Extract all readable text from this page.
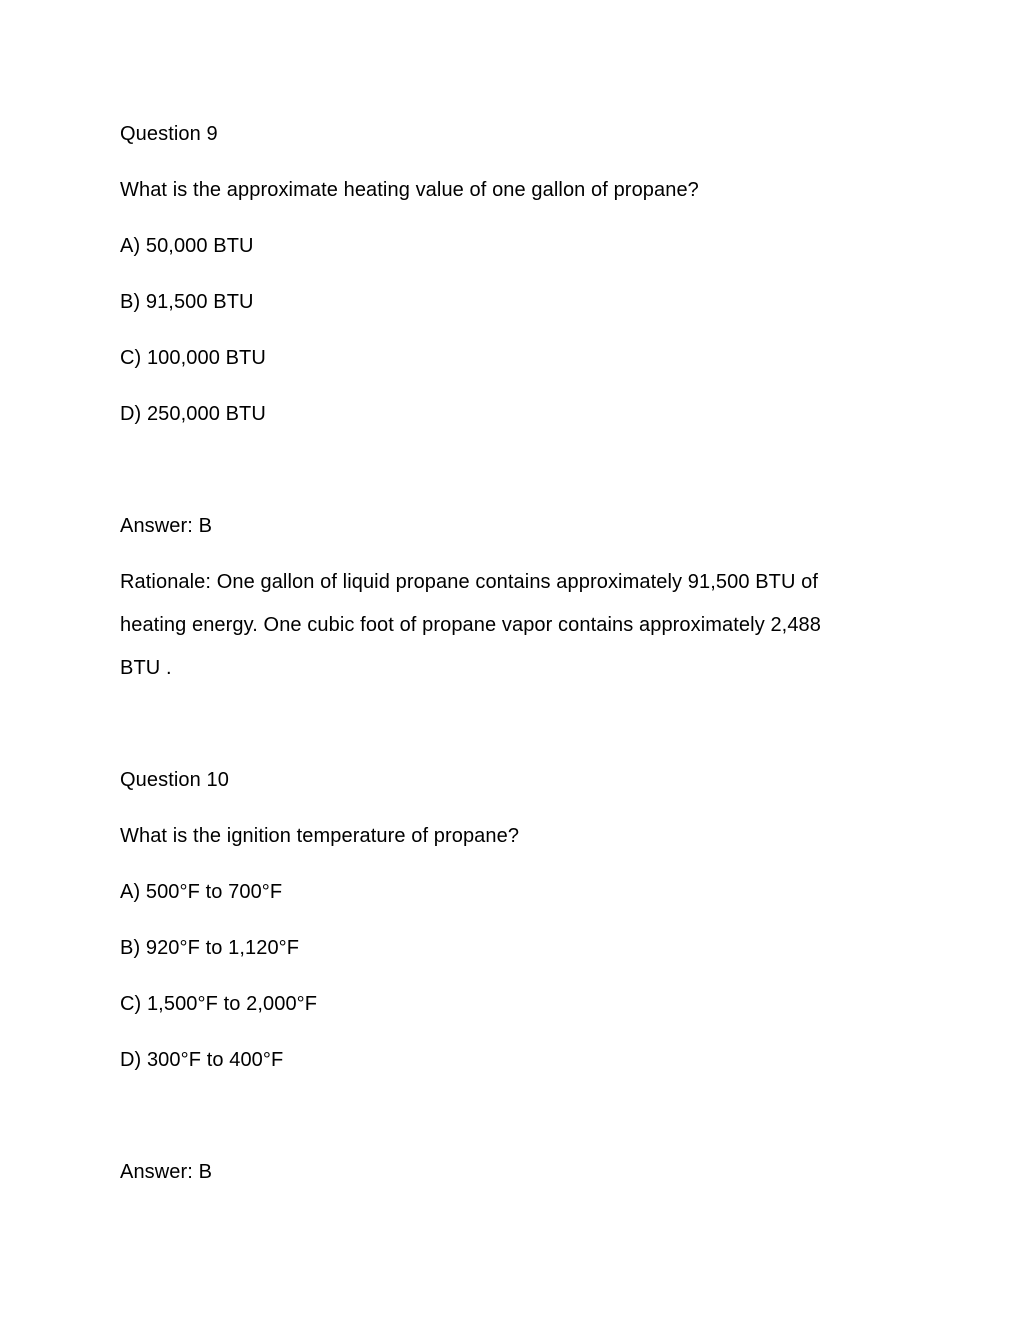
Question 9
What is the approximate heating value of one gallon of propane?
A) 50,000 BTU
B) 91,500 BTU
C) 100,000 BTU
D) 250,000 BTU
Answer: B
Rationale: One gallon of liquid propane contains approximately 91,500 BTU of
heating energy. One cubic foot of propane vapor contains approximately 2,488
BTU .
Question 10
What is the ignition temperature of propane?
A) 500°F to 700°F
B) 920°F to 1,120°F
C) 1,500°F to 2,000°F
D) 300°F to 400°F
Answer: B
